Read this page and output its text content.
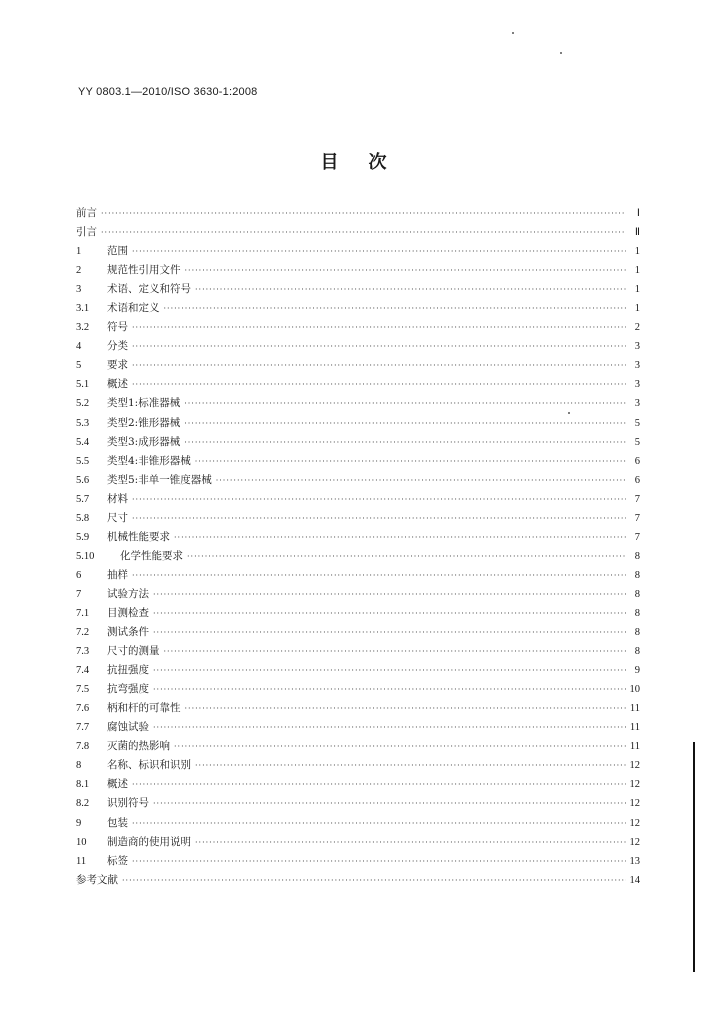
YY 0803.1—2010/ISO 3630-1:2008
目 次
前言 ·····	Ⅰ
引言 ·····	Ⅱ
1	范围 ·····	1
2	规范性引用文件 ·····	1
3	术语、定义和符号 ·····	1
3.1	术语和定义 ·····	1
3.2	符号 ·····	2
4	分类 ·····	3
5	要求 ·····	3
5.1	概述 ·····	3
5.2	类型1:标准器械 ·····	3
5.3	类型2:锥形器械 ·····	5
5.4	类型3:成形器械 ·····	5
5.5	类型4:非锥形器械 ·····	6
5.6	类型5:非单一锥度器械 ·····	6
5.7	材料 ·····	7
5.8	尺寸 ·····	7
5.9	机械性能要求 ·····	7
5.10	化学性能要求 ·····	8
6	抽样 ·····	8
7	试验方法 ·····	8
7.1	目测检查 ·····	8
7.2	测试条件 ·····	8
7.3	尺寸的测量 ·····	8
7.4	抗扭强度 ·····	9
7.5	抗弯强度 ·····	10
7.6	柄和杆的可靠性 ·····	11
7.7	腐蚀试验 ·····	11
7.8	灭菌的热影响 ·····	11
8	名称、标识和识别 ·····	12
8.1	概述 ·····	12
8.2	识别符号 ·····	12
9	包装 ·····	12
10	制造商的使用说明 ·····	12
11	标签 ·····	13
参考文献 ·····	14
